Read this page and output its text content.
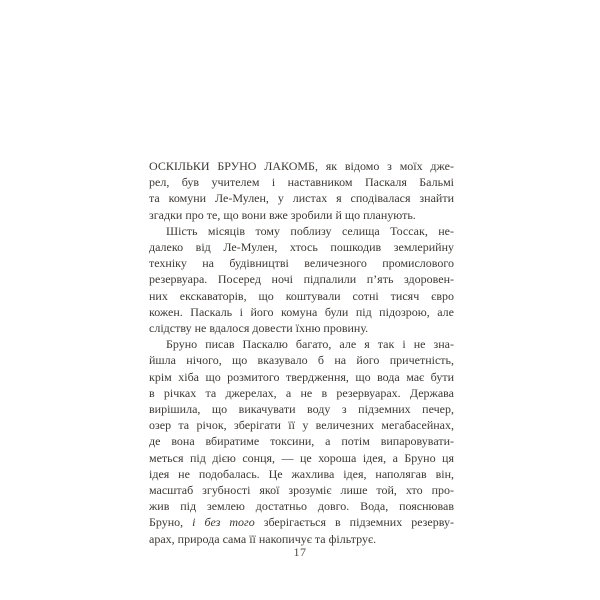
ОСКІЛЬКИ БРУНО ЛАКОМБ, як відомо з моїх дже-
рел, був учителем і наставником Паскаля Бальмі
та комуни Ле-Мулен, у листах я сподівалася знайти
згадки про те, що вони вже зробили й що планують.
Шість місяців тому поблизу селища Тоссак, не-
далеко від Ле-Мулен, хтось пошкодив землерийну
техніку на будівництві величезного промислового
резервуара. Посеред ночі підпалили п’ять здоровен-
них екскаваторів, що коштували сотні тисяч євро
кожен. Паскаль і його комуна були під підозрою, але
слідству не вдалося довести їхню провину.
Бруно писав Паскалю багато, але я так і не зна-
йшла нічого, що вказувало б на його причетність,
крім хіба що розмитого твердження, що вода має бути
в річках та джерелах, а не в резервуарах. Держава
вирішила, що викачувати воду з підземних печер,
озер та річок, зберігати її у величезних мегабасейнах,
де вона вбиратиме токсини, а потім випаровувати-
меться під дією сонця, — це хороша ідея, а Бруно ця
ідея не подобалась. Це жахлива ідея, наполягав він,
масштаб згубності якої зрозуміє лише той, хто про-
жив під землею достатньо довго. Вода, пояснював
Бруно, і без того зберігається в підземних резерву-
арах, природа сама її накопичує та фільтрує.
17
